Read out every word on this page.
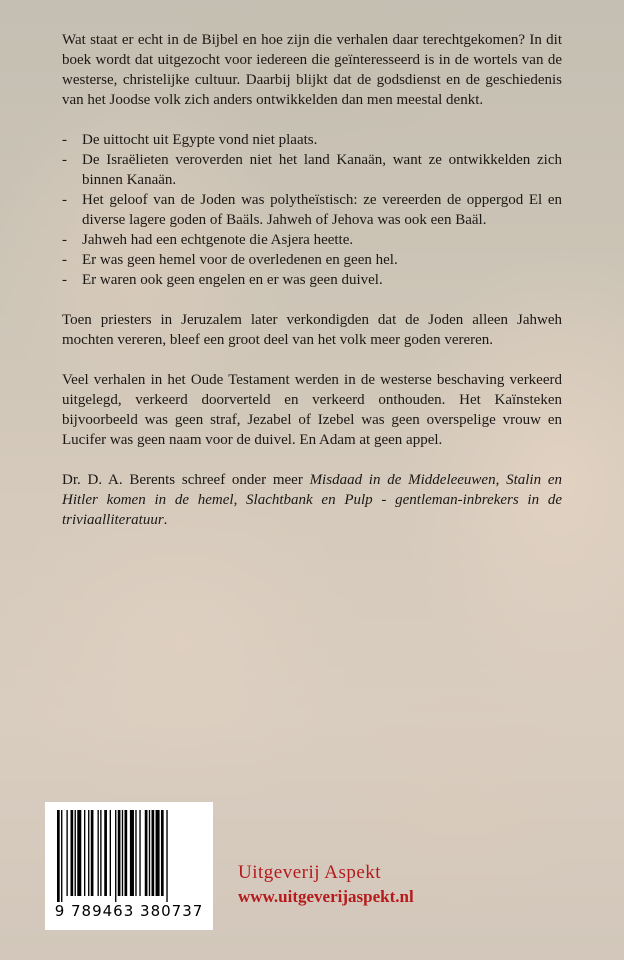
Wat staat er echt in de Bijbel en hoe zijn die verhalen daar terechtgekomen? In dit boek wordt dat uitgezocht voor iedereen die geïnteresseerd is in de wortels van de westerse, christelijke cultuur. Daarbij blijkt dat de godsdienst en de geschiedenis van het Joodse volk zich anders ontwikkelden dan men meestal denkt.

- De uittocht uit Egypte vond niet plaats.
- De Israëlieten veroverden niet het land Kanaän, want ze ontwikkelden zich binnen Kanaän.
- Het geloof van de Joden was polytheïstisch: ze vereerden de oppergod El en diverse lagere goden of Baäls. Jahweh of Jehova was ook een Baäl.
- Jahweh had een echtgenote die Asjera heette.
- Er was geen hemel voor de overledenen en geen hel.
- Er waren ook geen engelen en er was geen duivel.

Toen priesters in Jeruzalem later verkondigden dat de Joden alleen Jahweh mochten vereren, bleef een groot deel van het volk meer goden vereren.

Veel verhalen in het Oude Testament werden in de westerse beschaving verkeerd uitgelegd, verkeerd doorverteld en verkeerd onthouden. Het Kaïnsteken bijvoorbeeld was geen straf, Jezabel of Izebel was geen overspelige vrouw en Lucifer was geen naam voor de duivel. En Adam at geen appel.

Dr. D. A. Berents schreef onder meer Misdaad in de Middeleeuwen, Stalin en Hitler komen in de hemel, Slachtbank en Pulp - gentleman-inbrekers in de triviaalliteratuur.

9 789463 380737
Uitgeverij Aspekt
www.uitgeverijaspekt.nl
